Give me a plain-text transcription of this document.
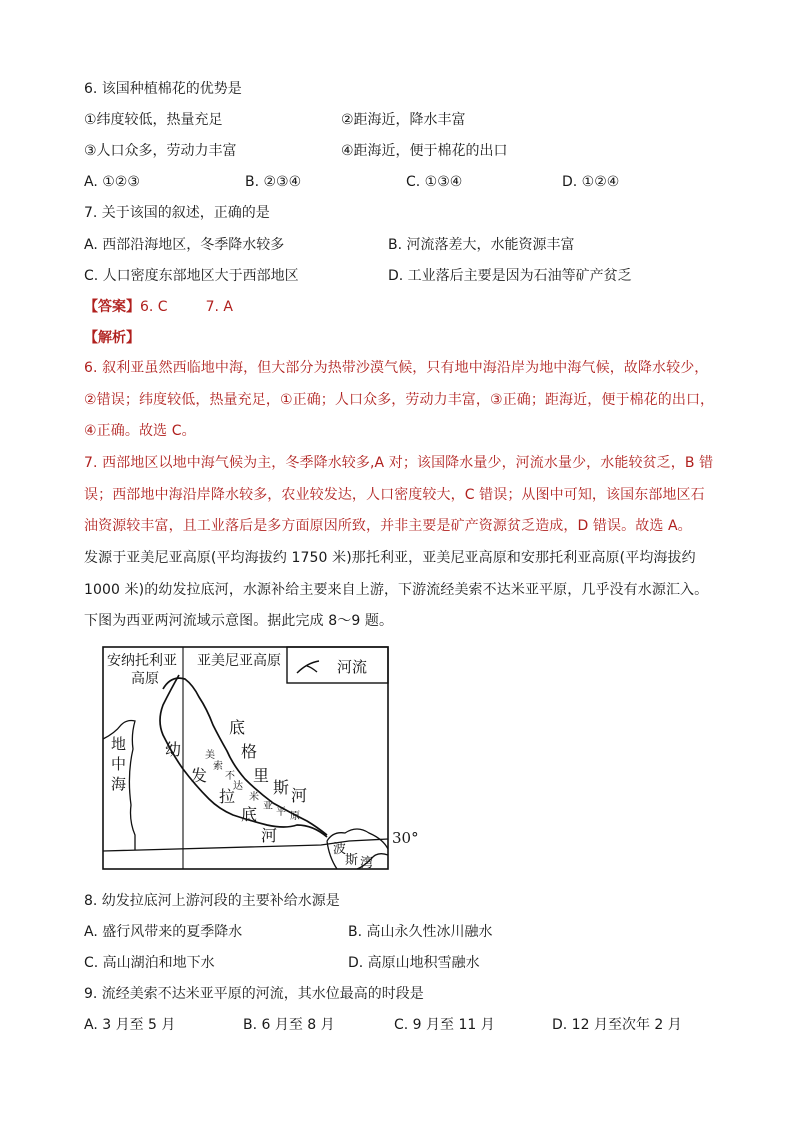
6. 该国种植棉花的优势是
①纬度较低，热量充足	②距海近，降水丰富
③人口众多，劳动力丰富	④距海近，便于棉花的出口
A. ①②③	B. ②③④	C. ①③④	D. ①②④
7. 关于该国的叙述，正确的是
A. 西部沿海地区，冬季降水较多	B. 河流落差大，水能资源丰富
C. 人口密度东部地区大于西部地区	D. 工业落后主要是因为石油等矿产贫乏
【答案】6. C	7. A
【解析】
6. 叙利亚虽然西临地中海，但大部分为热带沙漠气候，只有地中海沿岸为地中海气候，故降水较少，②错误；纬度较低，热量充足，①正确；人口众多，劳动力丰富，③正确；距海近，便于棉花的出口，④正确。故选 C。
7. 西部地区以地中海气候为主，冬季降水较多,A 对；该国降水量少，河流水量少，水能较贫乏，B 错误；西部地中海沿岸降水较多，农业较发达，人口密度较大，C 错误；从图中可知，该国东部地区石油资源较丰富，且工业落后是多方面原因所致，并非主要是矿产资源贫乏造成，D 错误。故选 A。
发源于亚美尼亚高原(平均海拔约 1750 米)那托利亚，亚美尼亚高原和安那托利亚高原(平均海拔约 1000 米)的幼发拉底河，水源补给主要来自上游，下游流经美索不达米亚平原，几乎没有水源汇入。下图为西亚两河流域示意图。据此完成 8～9 题。
河流
安纳托利亚
高原
亚美尼亚高原
地
中
海
幼
发
拉
底
河
底
格
里
斯 河
美
索
不
达
米
亚
平 原
波
斯 湾
30°
8. 幼发拉底河上游河段的主要补给水源是
A. 盛行风带来的夏季降水	B. 高山永久性冰川融水
C. 高山湖泊和地下水	D. 高原山地积雪融水
9. 流经美索不达米亚平原的河流，其水位最高的时段是
A. 3 月至 5 月	B. 6 月至 8 月	C. 9 月至 11 月	D. 12 月至次年 2 月
